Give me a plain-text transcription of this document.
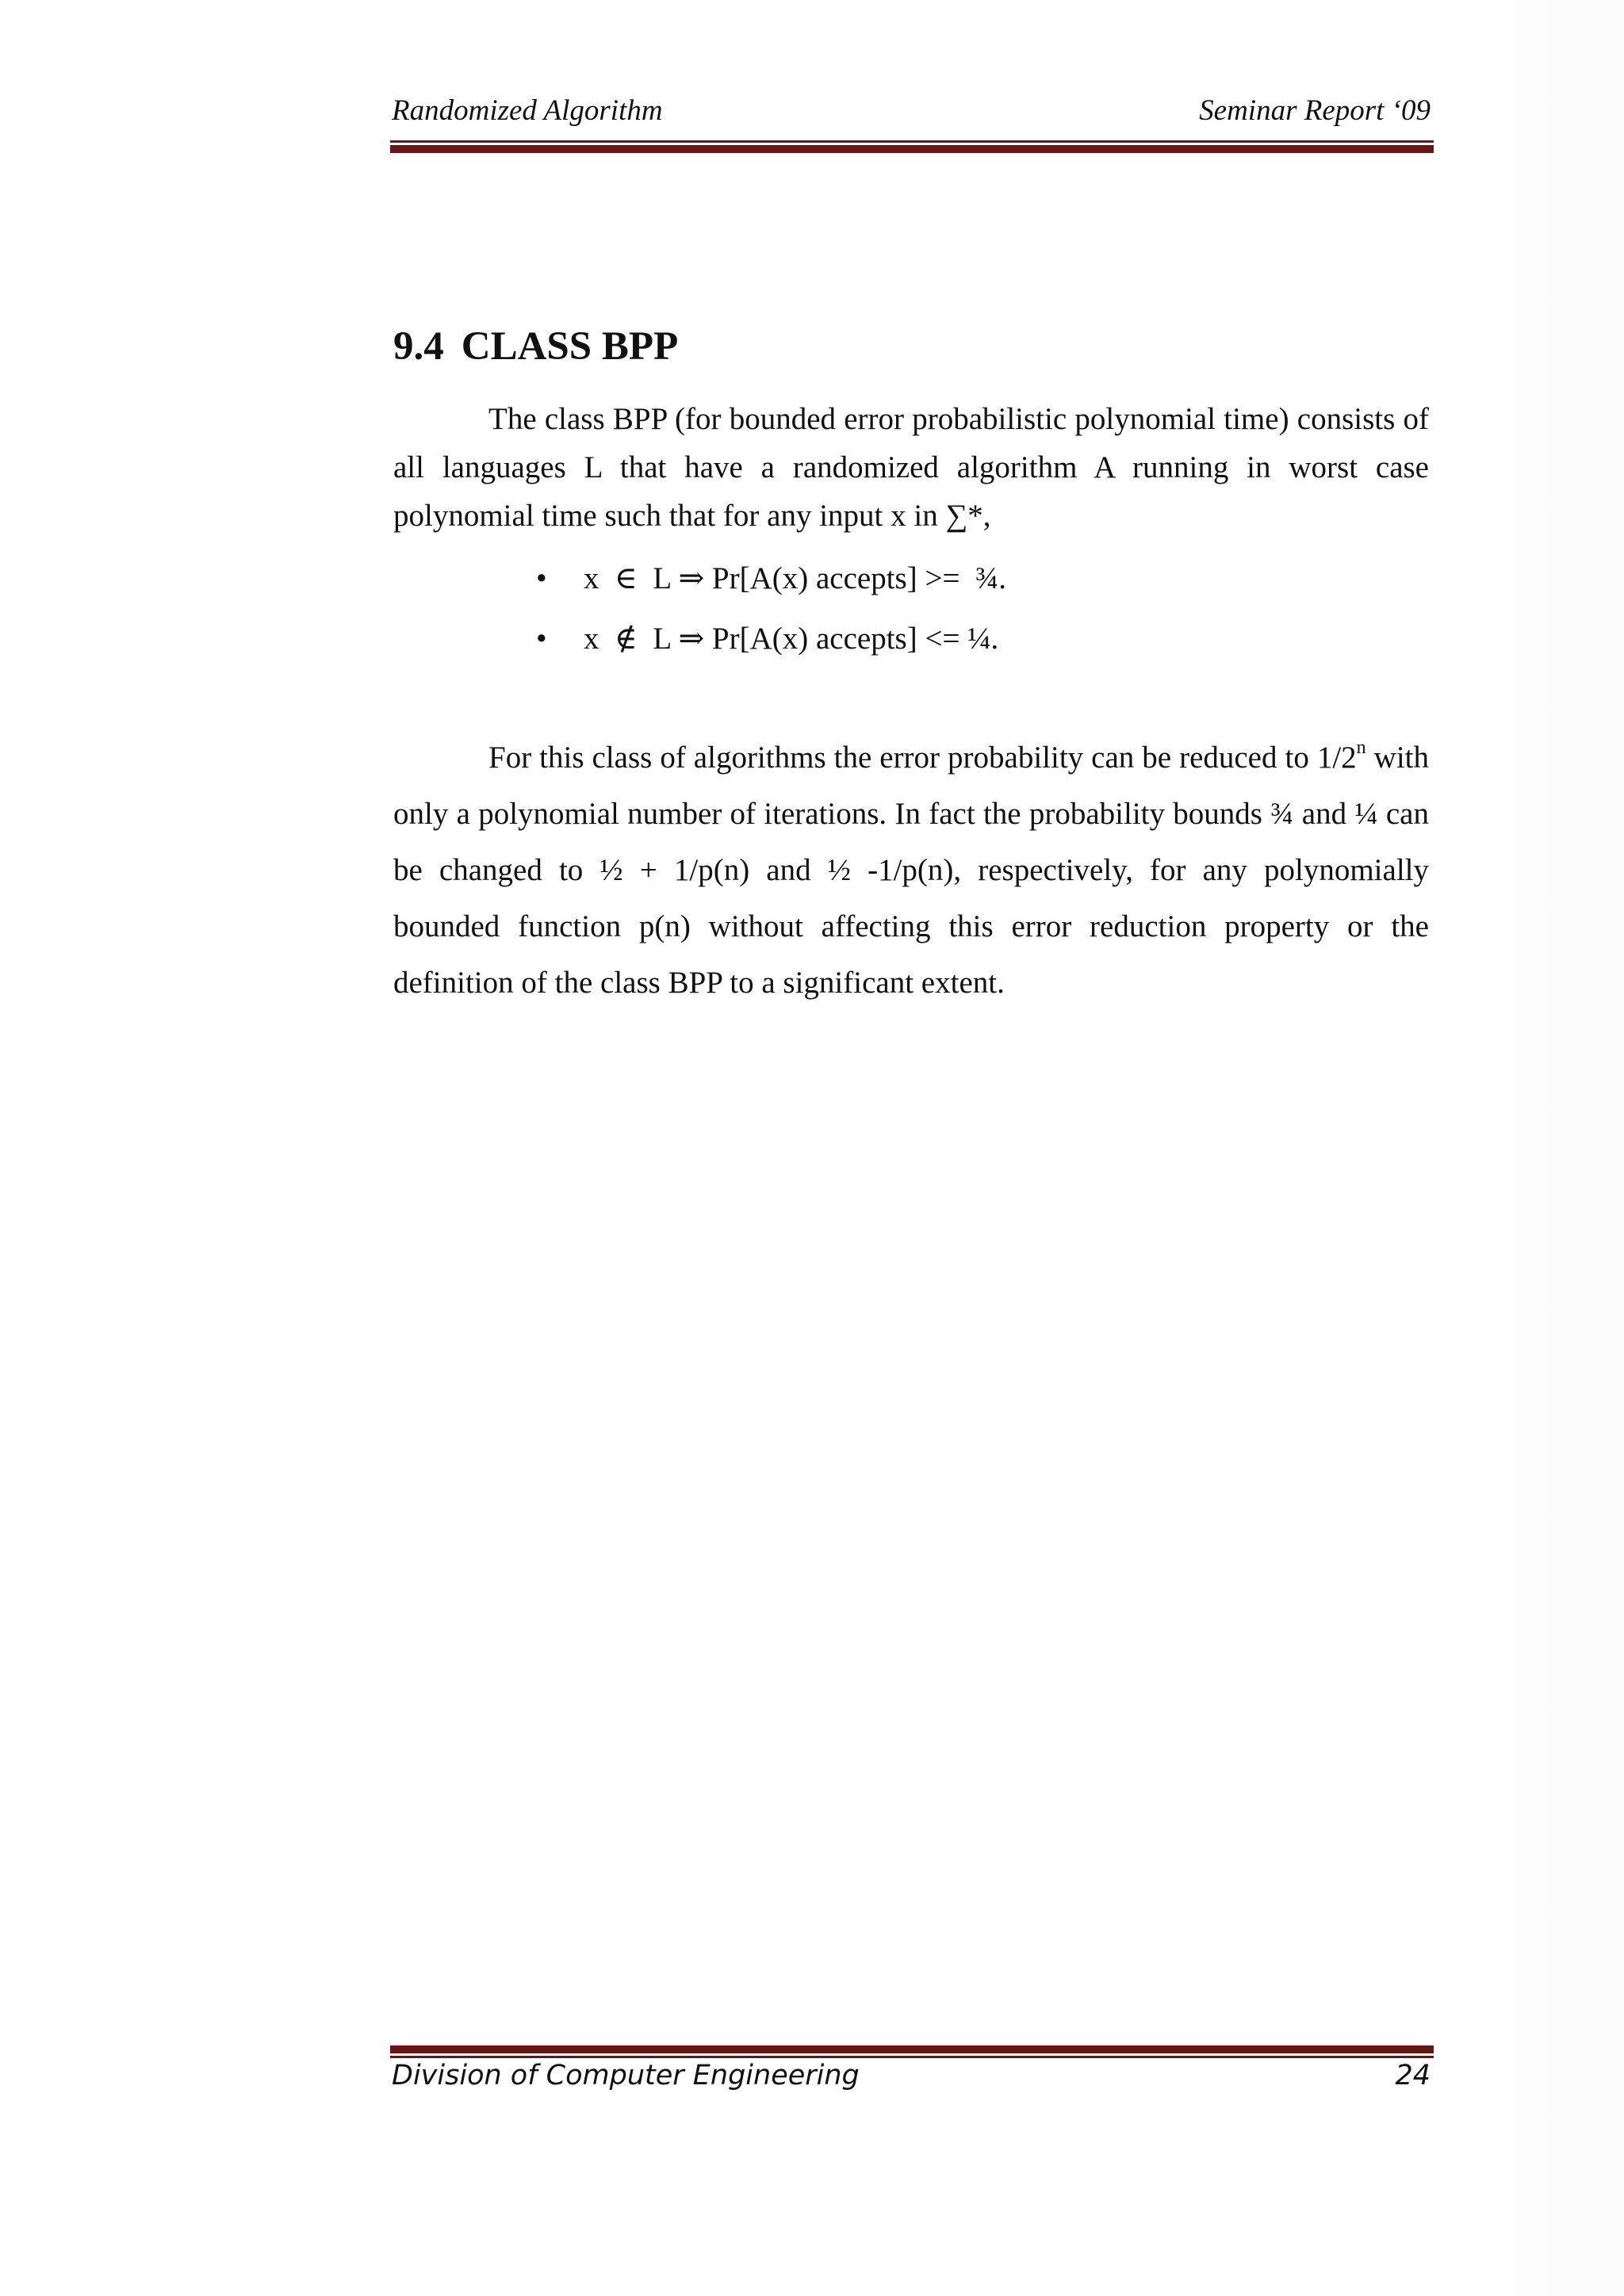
Randomized Algorithm	Seminar Report ‘09
9.4 CLASS BPP

The class BPP (for bounded error probabilistic polynomial time) consists of all languages L that have a randomized algorithm A running in worst case polynomial time such that for any input x in ∑*,

• x  ∈  L ⇒ Pr[A(x) accepts] >=  ¾.
• x  ∉  L ⇒ Pr[A(x) accepts] <= ¼.

For this class of algorithms the error probability can be reduced to 1/2$^n$ with only a polynomial number of iterations. In fact the probability bounds ¾ and ¼ can be changed to ½ + 1/p(n) and ½ -1/p(n), respectively, for any polynomially bounded function p(n) without affecting this error reduction property or the definition of the class BPP to a significant extent.

Division of Computer Engineering	24
